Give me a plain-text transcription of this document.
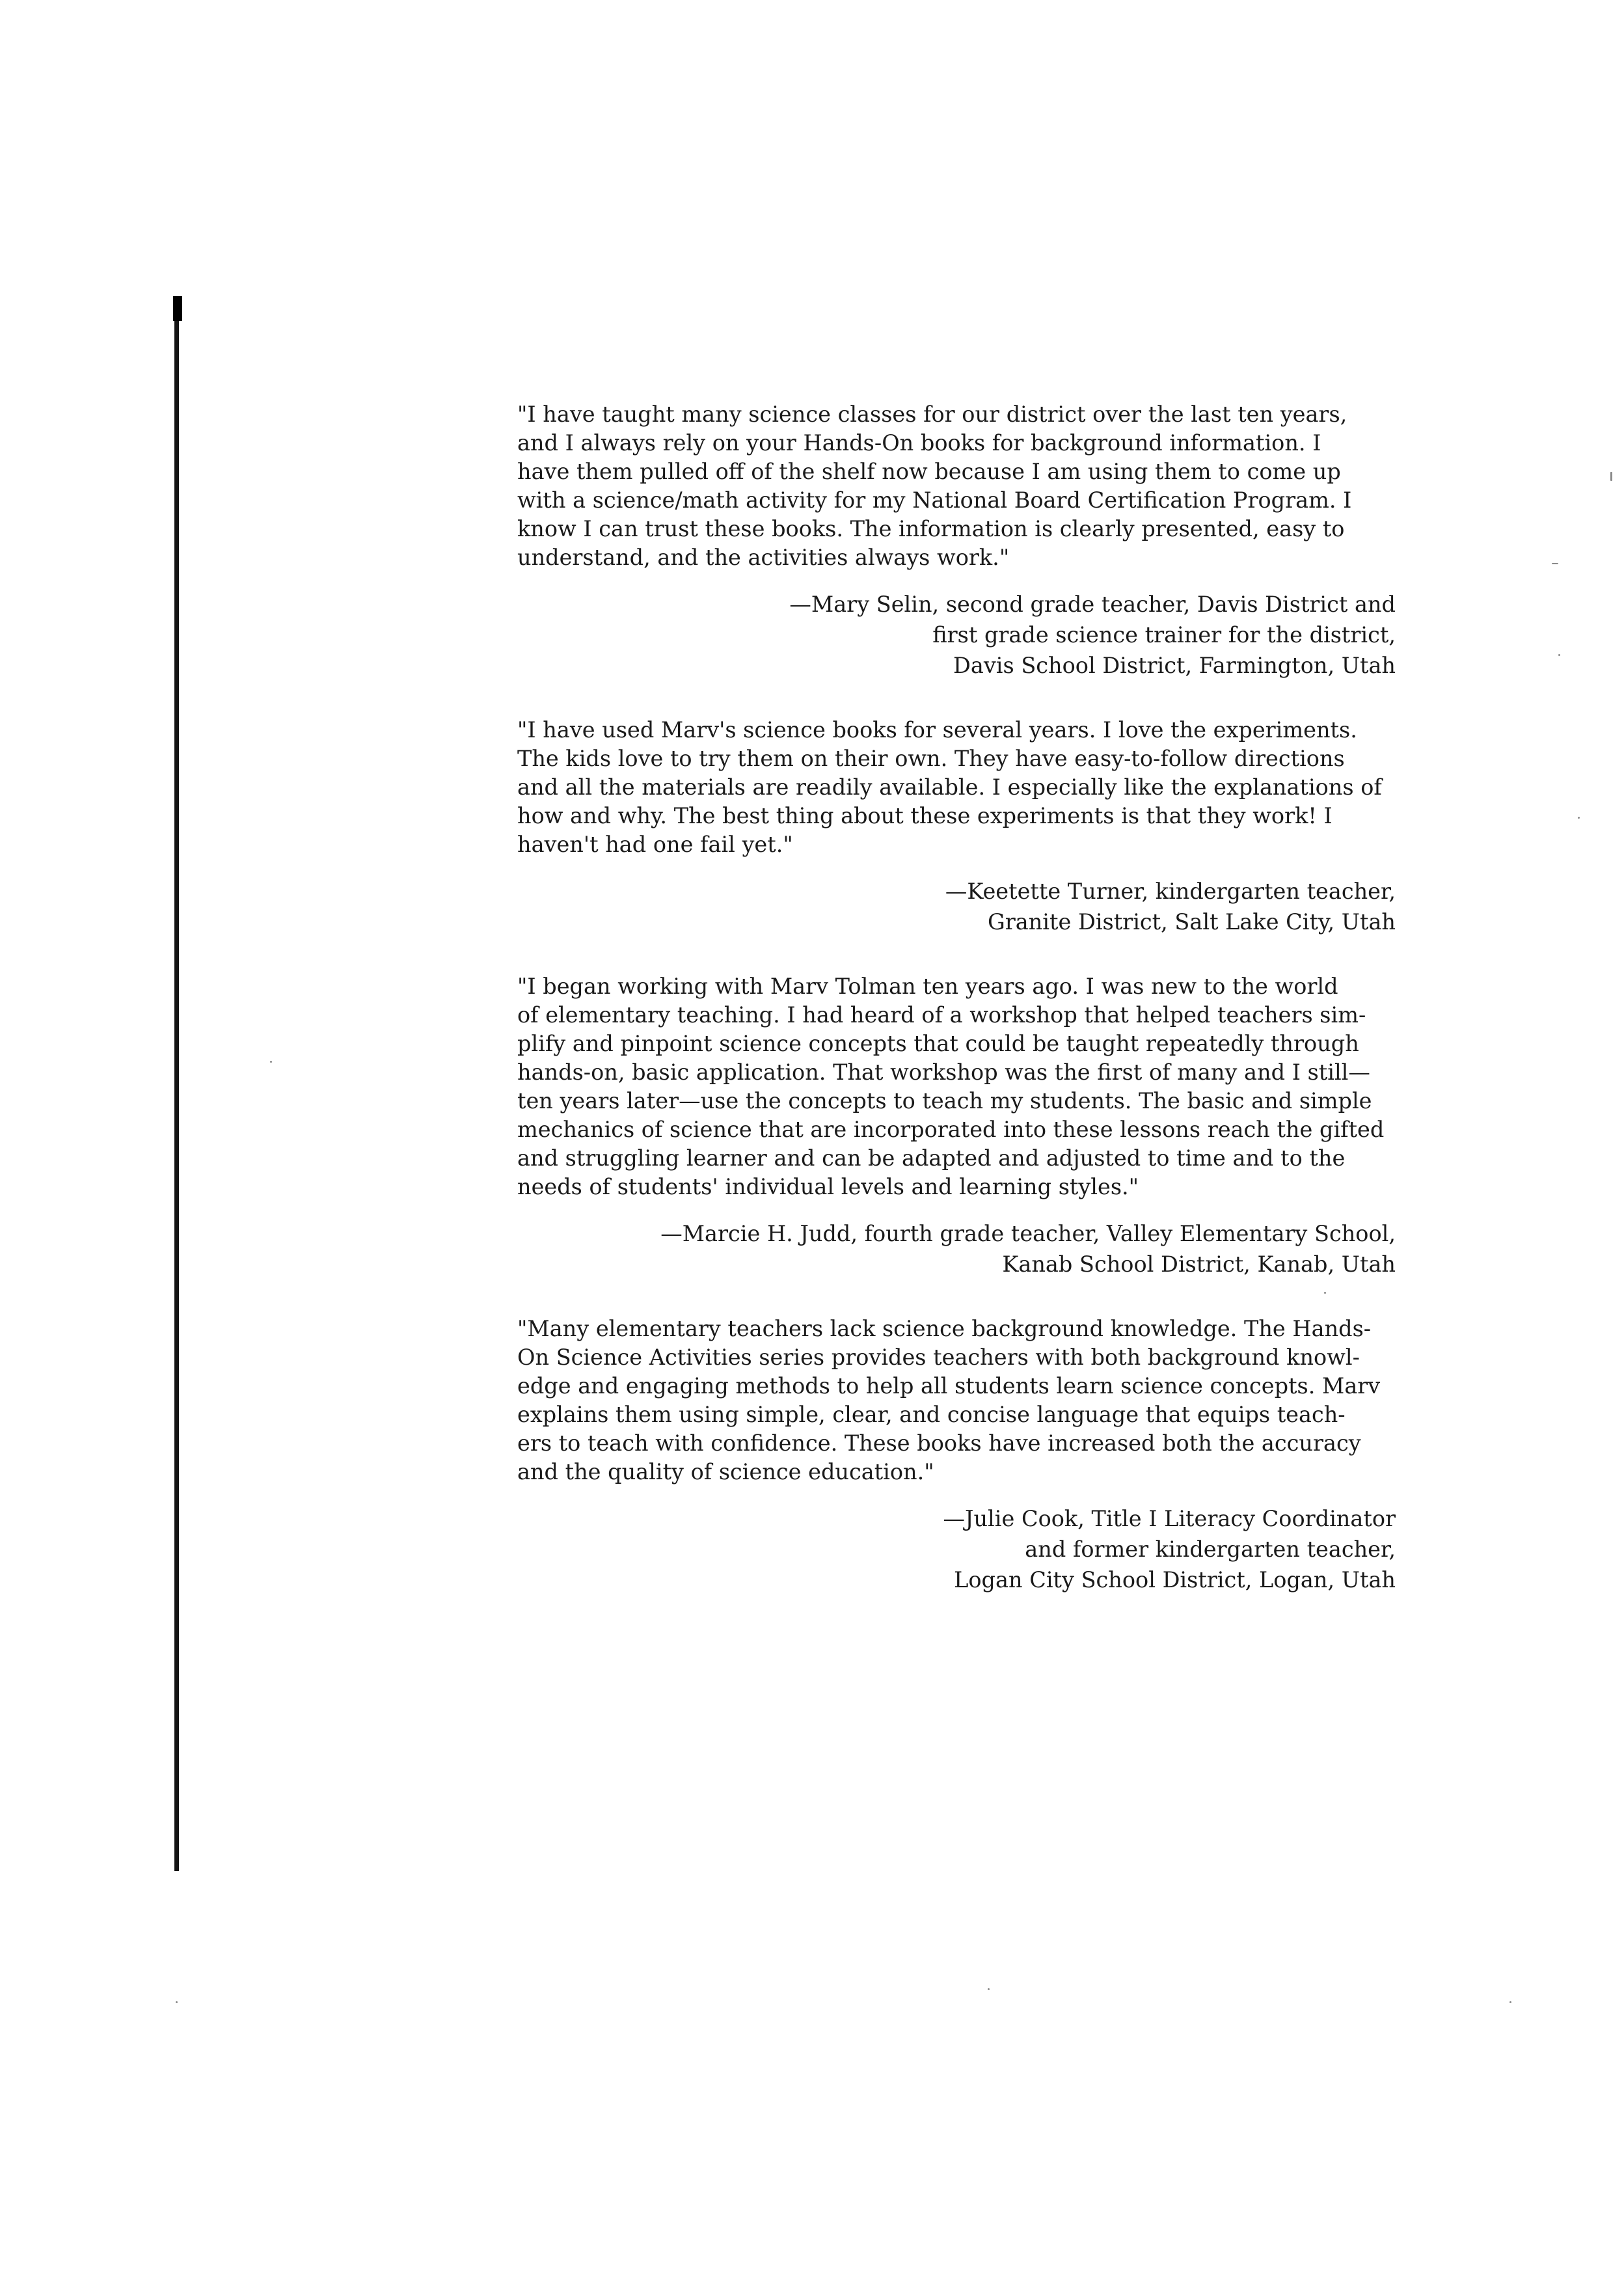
"I have taught many science classes for our district over the last ten years,
and I always rely on your Hands-On books for background information. I
have them pulled off of the shelf now because I am using them to come up
with a science/math activity for my National Board Certification Program. I
know I can trust these books. The information is clearly presented, easy to
understand, and the activities always work."

—Mary Selin, second grade teacher, Davis District and
first grade science trainer for the district,
Davis School District, Farmington, Utah

"I have used Marv's science books for several years. I love the experiments.
The kids love to try them on their own. They have easy-to-follow directions
and all the materials are readily available. I especially like the explanations of
how and why. The best thing about these experiments is that they work! I
haven't had one fail yet."

—Keetette Turner, kindergarten teacher,
Granite District, Salt Lake City, Utah

"I began working with Marv Tolman ten years ago. I was new to the world
of elementary teaching. I had heard of a workshop that helped teachers sim-
plify and pinpoint science concepts that could be taught repeatedly through
hands-on, basic application. That workshop was the first of many and I still—
ten years later—use the concepts to teach my students. The basic and simple
mechanics of science that are incorporated into these lessons reach the gifted
and struggling learner and can be adapted and adjusted to time and to the
needs of students' individual levels and learning styles."

—Marcie H. Judd, fourth grade teacher, Valley Elementary School,
Kanab School District, Kanab, Utah

"Many elementary teachers lack science background knowledge. The Hands-
On Science Activities series provides teachers with both background knowl-
edge and engaging methods to help all students learn science concepts. Marv
explains them using simple, clear, and concise language that equips teach-
ers to teach with confidence. These books have increased both the accuracy
and the quality of science education."

—Julie Cook, Title I Literacy Coordinator
and former kindergarten teacher,
Logan City School District, Logan, Utah
